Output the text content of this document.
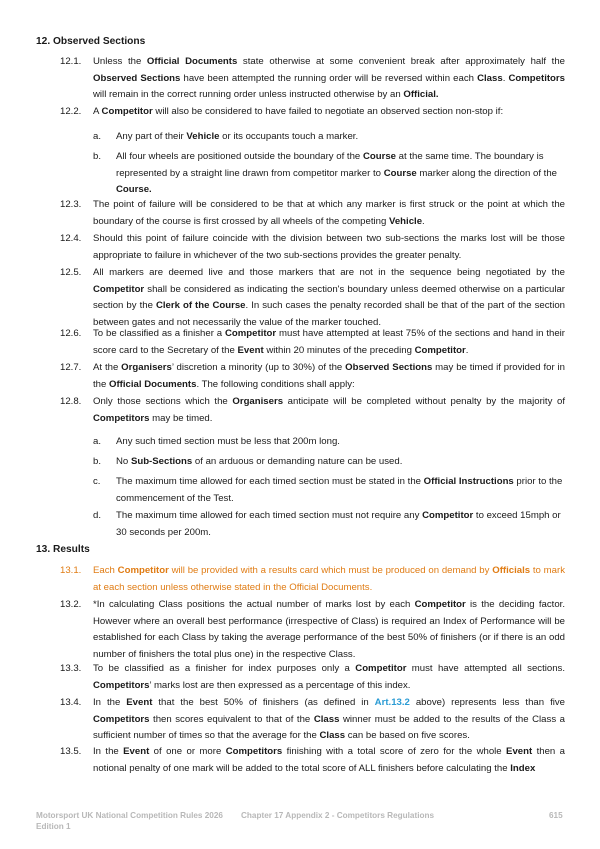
12. Observed Sections
12.1.	Unless the Official Documents state otherwise at some convenient break after approximately half the Observed Sections have been attempted the running order will be reversed within each Class. Competitors will remain in the correct running order unless instructed otherwise by an Official.
12.2.	A Competitor will also be considered to have failed to negotiate an observed section non-stop if:
a.	Any part of their Vehicle or its occupants touch a marker.
b.	All four wheels are positioned outside the boundary of the Course at the same time. The boundary is represented by a straight line drawn from competitor marker to Course marker along the direction of the Course.
12.3.	The point of failure will be considered to be that at which any marker is first struck or the point at which the boundary of the course is first crossed by all wheels of the competing Vehicle.
12.4.	Should this point of failure coincide with the division between two sub-sections the marks lost will be those appropriate to failure in whichever of the two sub-sections provides the greater penalty.
12.5.	All markers are deemed live and those markers that are not in the sequence being negotiated by the Competitor shall be considered as indicating the section's boundary unless deemed otherwise on a particular section by the Clerk of the Course. In such cases the penalty recorded shall be that of the part of the section between gates and not necessarily the value of the marker touched.
12.6.	To be classified as a finisher a Competitor must have attempted at least 75% of the sections and hand in their score card to the Secretary of the Event within 20 minutes of the preceding Competitor.
12.7.	At the Organisers’ discretion a minority (up to 30%) of the Observed Sections may be timed if provided for in the Official Documents. The following conditions shall apply:
12.8.	Only those sections which the Organisers anticipate will be completed without penalty by the majority of Competitors may be timed.
a.	Any such timed section must be less that 200m long.
b.	No Sub-Sections of an arduous or demanding nature can be used.
c.	The maximum time allowed for each timed section must be stated in the Official Instructions prior to the commencement of the Test.
d.	The maximum time allowed for each timed section must not require any Competitor to exceed 15mph or 30 seconds per 200m.
13. Results
13.1.	Each Competitor will be provided with a results card which must be produced on demand by Officials to mark at each section unless otherwise stated in the Official Documents.
13.2.	*In calculating Class positions the actual number of marks lost by each Competitor is the deciding factor. However where an overall best performance (irrespective of Class) is required an Index of Performance will be established for each Class by taking the average performance of the best 50% of finishers (or if there is an odd number of finishers the total plus one) in the respective Class.
13.3.	To be classified as a finisher for index purposes only a Competitor must have attempted all sections. Competitors’ marks lost are then expressed as a percentage of this index.
13.4.	In the Event that the best 50% of finishers (as defined in Art.13.2 above) represents less than five Competitors then scores equivalent to that of the Class winner must be added to the results of the Class a sufficient number of times so that the average for the Class can be based on five scores.
13.5.	In the Event of one or more Competitors finishing with a total score of zero for the whole Event then a notional penalty of one mark will be added to the total score of ALL finishers before calculating the Index
Motorsport UK National Competition Rules 2026
Edition 1
Chapter 17 Appendix 2 - Competitors Regulations	615
